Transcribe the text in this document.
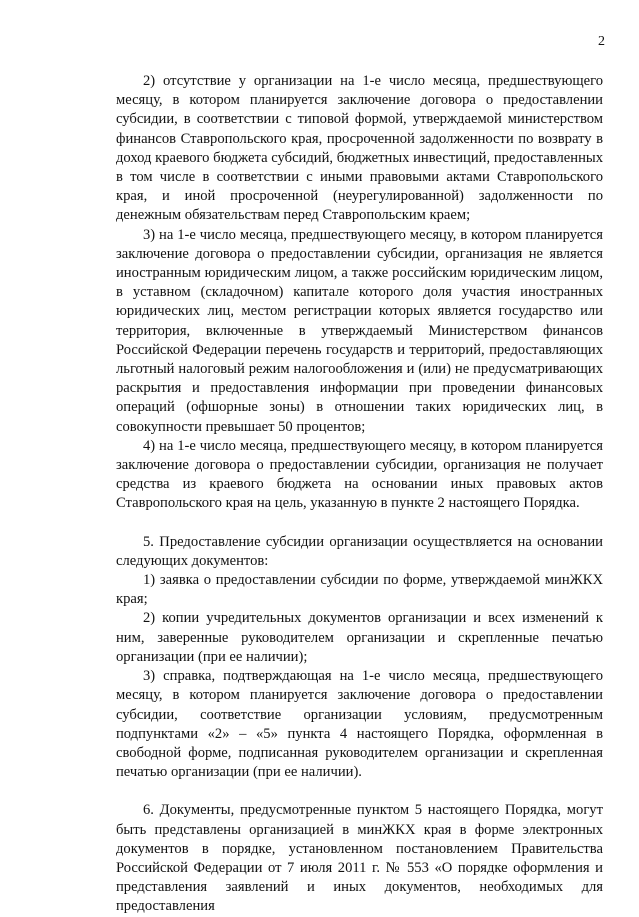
2

2) отсутствие у организации на 1-е число месяца, предшествующего месяцу, в котором планируется заключение договора о предоставлении субсидии, в соответствии с типовой формой, утверждаемой министерством финансов Ставропольского края, просроченной задолженности по возврату в доход краевого бюджета субсидий, бюджетных инвестиций, предоставленных в том числе в соответствии с иными правовыми актами Ставропольского края, и иной просроченной (неурегулированной) задолженности по денежным обязательствам перед Ставропольским краем;

3) на 1-е число месяца, предшествующего месяцу, в котором планируется заключение договора о предоставлении субсидии, организация не является иностранным юридическим лицом, а также российским юридическим лицом, в уставном (складочном) капитале которого доля участия иностранных юридических лиц, местом регистрации которых является государство или территория, включенные в утверждаемый Министерством финансов Российской Федерации перечень государств и территорий, предоставляющих льготный налоговый режим налогообложения и (или) не предусматривающих раскрытия и предоставления информации при проведении финансовых операций (офшорные зоны) в отношении таких юридических лиц, в совокупности превышает 50 процентов;

4) на 1-е число месяца, предшествующего месяцу, в котором планируется заключение договора о предоставлении субсидии, организация не получает средства из краевого бюджета на основании иных правовых актов Ставропольского края на цель, указанную в пункте 2 настоящего Порядка.

5. Предоставление субсидии организации осуществляется на основании следующих документов:

1) заявка о предоставлении субсидии по форме, утверждаемой минЖКХ края;

2) копии учредительных документов организации и всех изменений к ним, заверенные руководителем организации и скрепленные печатью организации (при ее наличии);

3) справка, подтверждающая на 1-е число месяца, предшествующего месяцу, в котором планируется заключение договора о предоставлении субсидии, соответствие организации условиям, предусмотренным подпунктами «2» – «5» пункта 4 настоящего Порядка, оформленная в свободной форме, подписанная руководителем организации и скрепленная печатью организации (при ее наличии).

6. Документы, предусмотренные пунктом 5 настоящего Порядка, могут быть представлены организацией в минЖКХ края в форме электронных документов в порядке, установленном постановлением Правительства Российской Федерации от 7 июля 2011 г. № 553 «О порядке оформления и представления заявлений и иных документов, необходимых для предоставления
